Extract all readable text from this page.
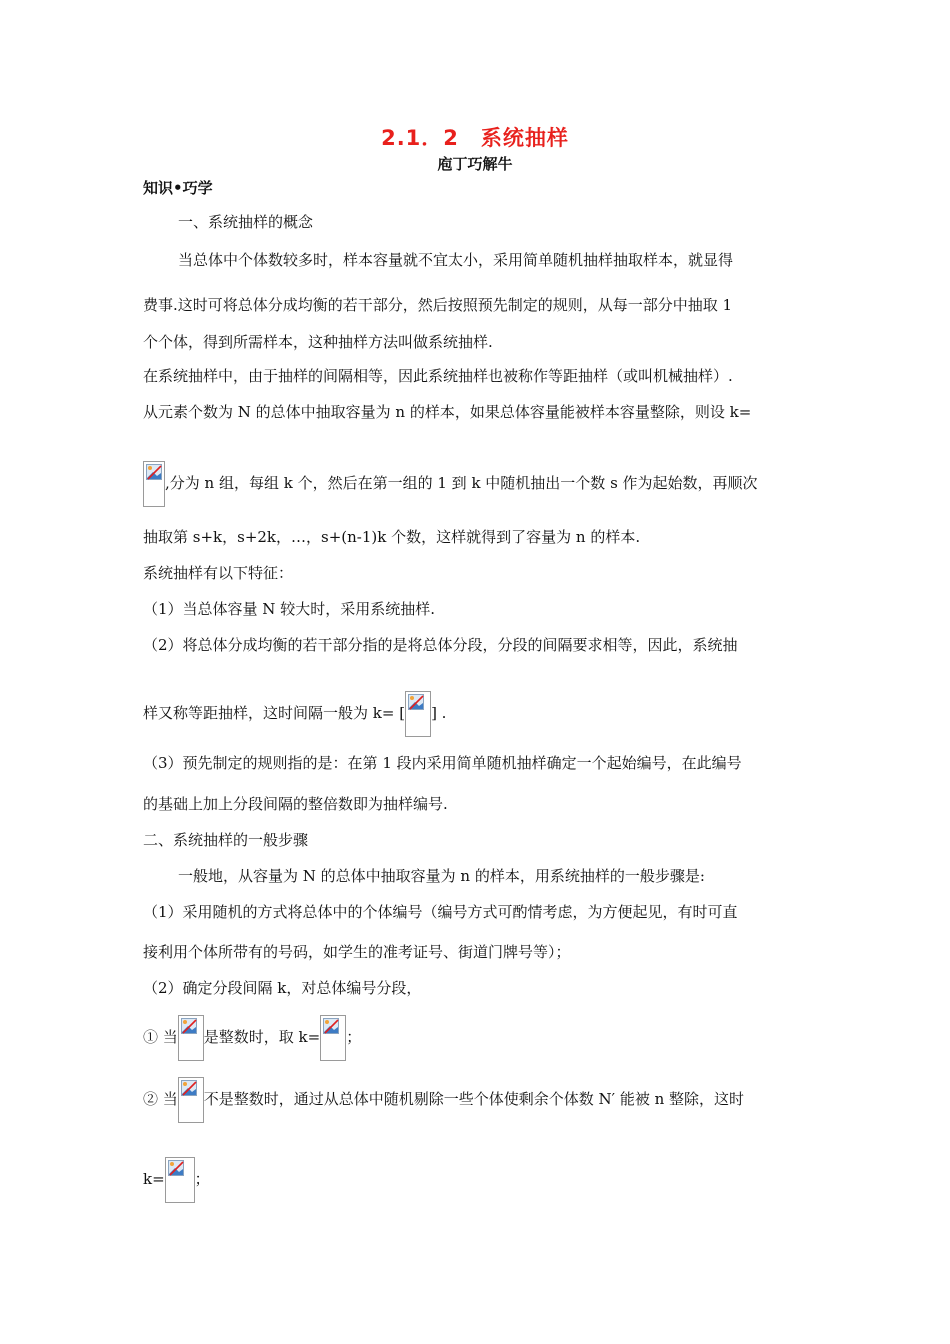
2.1．2　系统抽样
庖丁巧解牛
知识•巧学
一、系统抽样的概念
当总体中个体数较多时，样本容量就不宜太小，采用简单随机抽样抽取样本，就显得
费事.这时可将总体分成均衡的若干部分，然后按照预先制定的规则，从每一部分中抽取 1
个个体，得到所需样本，这种抽样方法叫做系统抽样.
在系统抽样中，由于抽样的间隔相等，因此系统抽样也被称作等距抽样（或叫机械抽样）.
从元素个数为 N 的总体中抽取容量为 n 的样本，如果总体容量能被样本容量整除，则设 k=
,分为 n 组，每组 k 个，然后在第一组的 1 到 k 中随机抽出一个数 s 作为起始数，再顺次
抽取第 s+k，s+2k，…，s+(n-1)k 个数，这样就得到了容量为 n 的样本.
系统抽样有以下特征：
（1）当总体容量 N 较大时，采用系统抽样.
（2）将总体分成均衡的若干部分指的是将总体分段，分段的间隔要求相等，因此，系统抽
样又称等距抽样，这时间隔一般为 k= [ ] .
（3）预先制定的规则指的是：在第 1 段内采用简单随机抽样确定一个起始编号，在此编号
的基础上加上分段间隔的整倍数即为抽样编号.
二、系统抽样的一般步骤
一般地，从容量为 N 的总体中抽取容量为 n 的样本，用系统抽样的一般步骤是:
（1）采用随机的方式将总体中的个体编号（编号方式可酌情考虑，为方便起见，有时可直
接利用个体所带有的号码，如学生的准考证号、街道门牌号等）；
（2）确定分段间隔 k，对总体编号分段，
① 当 是整数时，取 k= ；
② 当 不是整数时，通过从总体中随机剔除一些个体使剩余个体数 N′ 能被 n 整除，这时
k= ；
